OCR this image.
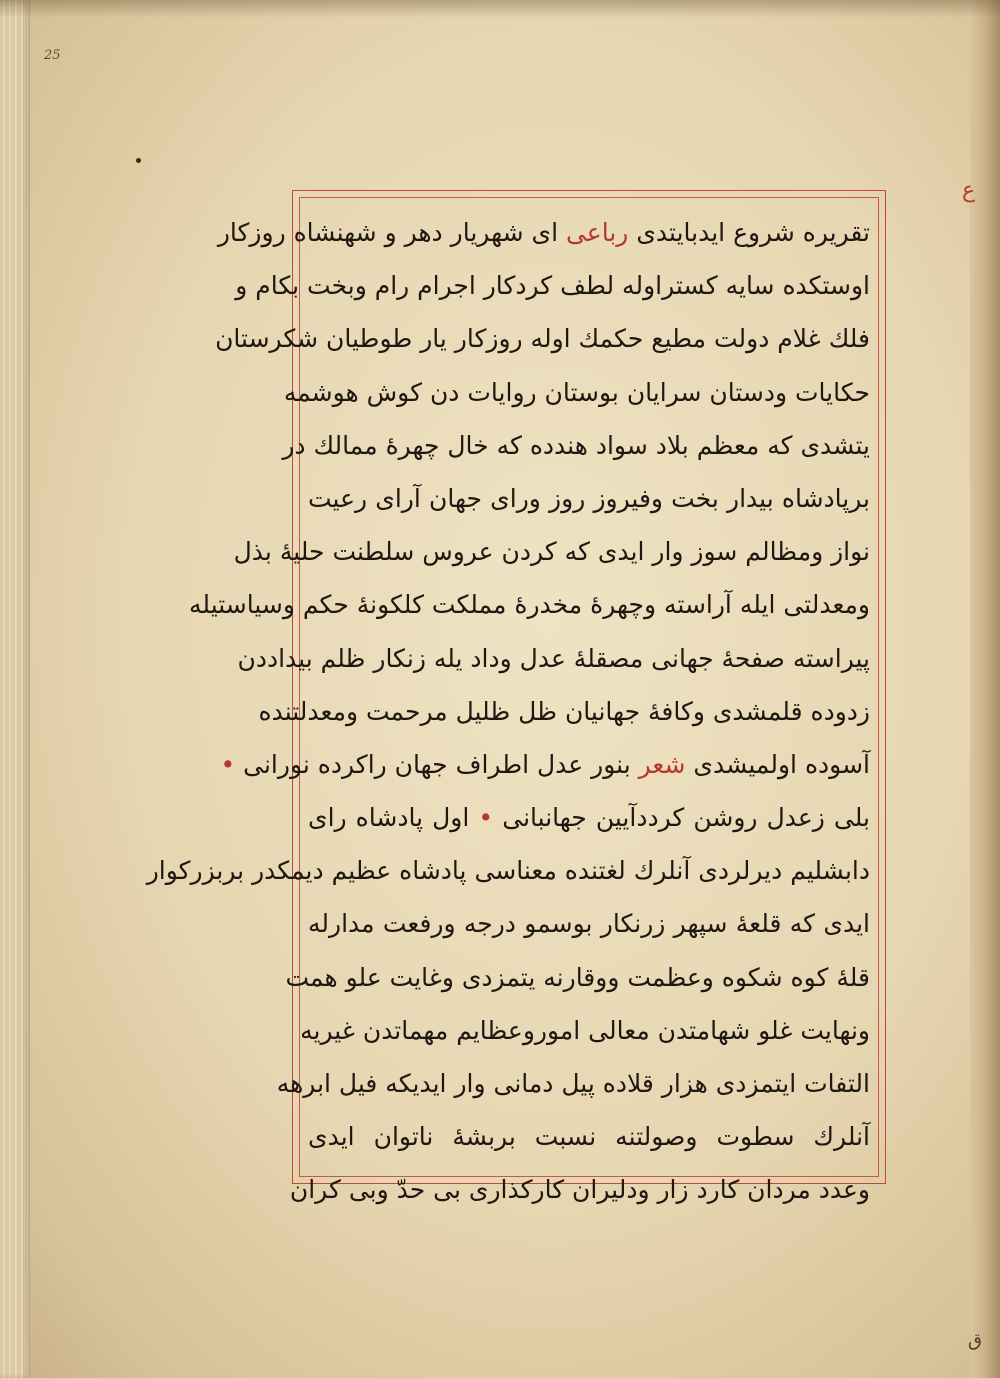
25
ع
ق
تقریره شروع ایدبایتدی رباعی ای شهریار دهر و شهنشاه روزکار
اوستکده سایه کستراوله لطف کردکار اجرام رام وبخت بکام و
فلك غلام دولت مطیع حکمك اوله روزکار یار طوطیان شکرستان
حکایات ودستان سرایان بوستان روایات دن کوش هوشمه
یتشدی که معظم بلاد سواد هندده که خال چهرهٔ ممالك در
برپادشاه بیدار بخت وفیروز روز ورای جهان آرای رعیت
نواز ومظالم سوز وار ایدی که کردن عروس سلطنت حلیهٔ بذل
ومعدلتی ایله آراسته وچهرهٔ مخدرهٔ مملکت کلکونهٔ حکم وسیاستیله
پیراسته صفحهٔ جهانی مصقلهٔ عدل وداد یله زنکار ظلم بیداددن
زدوده قلمشدی وکافهٔ جهانیان ظل ظلیل مرحمت ومعدلتنده
آسوده اولمیشدی شعر بنور عدل اطراف جهان راکرده نورانی •
بلی زعدل روشن کرددآیین جهانبانی • اول پادشاه رای
دابشلیم دیرلردی آنلرك لغتنده معناسی پادشاه عظیم دیمکدر بربزرکوار
ایدی که قلعهٔ سپهر زرنکار بوسمو درجه ورفعت مدارله
قلهٔ کوه شکوه وعظمت ووقارنه یتمزدی وغایت علو همت
ونهایت غلو شهامتدن معالی اموروعظایم مهماتدن غیریه
التفات ایتمزدی هزار قلاده پیل دمانی وار ایدیکه فیل ابرهه
آنلرك سطوت وصولتنه نسبت بربشهٔ ناتوان ایدی
وعدد مردان کارد زار ودلیران کارکذاری بی حدّ وبی کران
